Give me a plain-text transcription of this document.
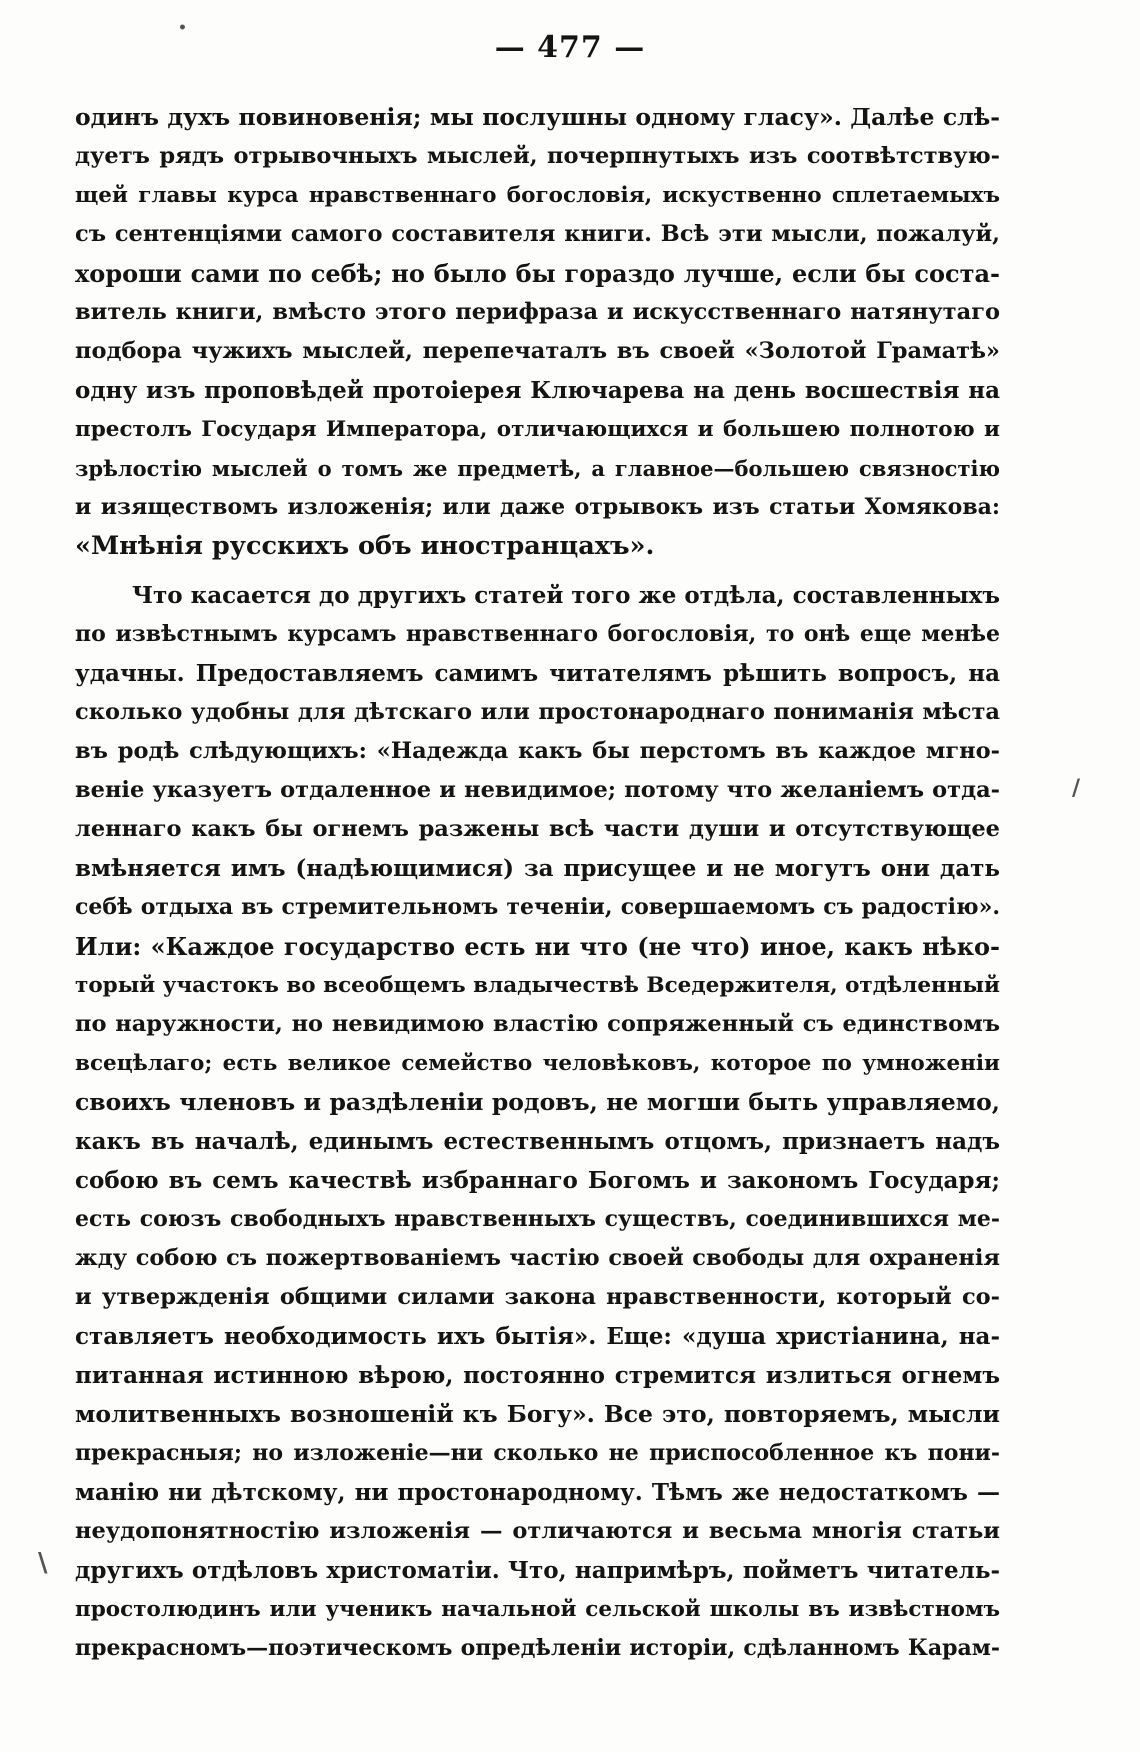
— 477 —
одинъ духъ повиновенія; мы послушны одному гласу». Далѣе слѣ-
дуетъ рядъ отрывочныхъ мыслей, почерпнутыхъ изъ соотвѣтствую-
щей главы курса нравственнаго богословія, искуственно сплетаемыхъ
съ сентенціями самого составителя книги. Всѣ эти мысли, пожалуй,
хороши сами по себѣ; но было бы гораздо лучше, если бы соста-
витель книги, вмѣсто этого перифраза и искусственнаго натянутаго
подбора чужихъ мыслей, перепечаталъ въ своей «Золотой Граматѣ»
одну изъ проповѣдей протоіерея Ключарева на день восшествія на
престолъ Государя Императора, отличающихся и большею полнотою и
зрѣлостію мыслей о томъ же предметѣ, а главное—большею связностію
и изяществомъ изложенія; или даже отрывокъ изъ статьи Хомякова:
«Мнѣнія русскихъ объ иностранцахъ».
Что касается до другихъ статей того же отдѣла, составленныхъ
по извѣстнымъ курсамъ нравственнаго богословія, то онѣ еще менѣе
удачны. Предоставляемъ самимъ читателямъ рѣшить вопросъ, на
сколько удобны для дѣтскаго или простонароднаго пониманія мѣста
въ родѣ слѣдующихъ: «Надежда какъ бы перстомъ въ каждое мгно-
веніе указуетъ отдаленное и невидимое; потому что желаніемъ отда-
леннаго какъ бы огнемъ разжены всѣ части души и отсутствующее
вмѣняется имъ (надѣющимися) за присущее и не могутъ они дать
себѣ отдыха въ стремительномъ теченіи, совершаемомъ съ радостію».
Или: «Каждое государство есть ни что (не что) иное, какъ нѣко-
торый участокъ во всеобщемъ владычествѣ Вседержителя, отдѣленный
по наружности, но невидимою властію сопряженный съ единствомъ
всецѣлаго; есть великое семейство человѣковъ, которое по умноженіи
своихъ членовъ и раздѣленіи родовъ, не могши быть управляемо,
какъ въ началѣ, единымъ естественнымъ отцомъ, признаетъ надъ
собою въ семъ качествѣ избраннаго Богомъ и закономъ Государя;
есть союзъ свободныхъ нравственныхъ существъ, соединившихся ме-
жду собою съ пожертвованіемъ частію своей свободы для охраненія
и утвержденія общими силами закона нравственности, который со-
ставляетъ необходимость ихъ бытія». Еще: «душа христіанина, на-
питанная истинною вѣрою, постоянно стремится излиться огнемъ
молитвенныхъ возношеній къ Богу». Все это, повторяемъ, мысли
прекрасныя; но изложеніе—ни сколько не приспособленное къ пони-
манію ни дѣтскому, ни простонародному. Тѣмъ же недостаткомъ —
неудопонятностію изложенія — отличаются и весьма многія статьи
другихъ отдѣловъ христоматіи. Что, напримѣръ, пойметъ читатель-
простолюдинъ или ученикъ начальной сельской школы въ извѣстномъ
прекрасномъ—поэтическомъ опредѣленіи исторіи, сдѣланномъ Карам-
•
/
\
